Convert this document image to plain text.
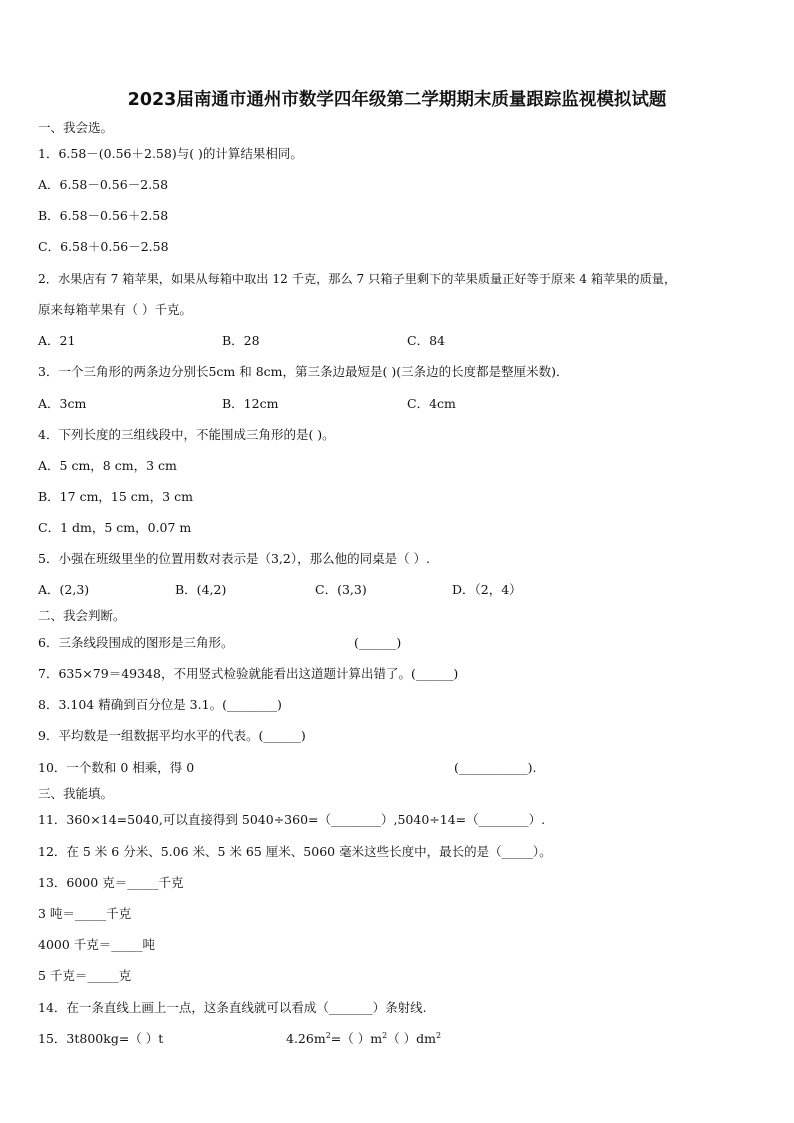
2023届南通市通州市数学四年级第二学期期末质量跟踪监视模拟试题
一、我会选。
1．6.58－(0.56＋2.58)与( )的计算结果相同。
A．6.58－0.56－2.58
B．6.58－0.56＋2.58
C．6.58＋0.56－2.58
2．水果店有 7 箱苹果，如果从每箱中取出 12 千克，那么 7 只箱子里剩下的苹果质量正好等于原来 4 箱苹果的质量，
原来每箱苹果有（ ）千克。
A．21	B．28	C．84
3．一个三角形的两条边分别长5cm 和 8cm，第三条边最短是( )(三条边的长度都是整厘米数)．
A．3cm	B．12cm	C．4cm
4．下列长度的三组线段中，不能围成三角形的是( )。
A．5 cm，8 cm，3 cm
B．17 cm，15 cm，3 cm
C．1 dm，5 cm，0.07 m
5．小强在班级里坐的位置用数对表示是（3,2），那么他的同桌是（ ）.
A．(2,3)	B．(4,2)	C．(3,3)	D．（2，4）
二、我会判断。
6．三条线段围成的图形是三角形。	(______)
7．635×79＝49348，不用竖式检验就能看出这道题计算出错了。(______)
8．3.104 精确到百分位是 3.1。(________)
9．平均数是一组数据平均水平的代表。(______)
10．一个数和 0 相乘，得 0	(___________).
三、我能填。
11．360×14=5040,可以直接得到 5040÷360=（________）,5040÷14=（________）.
12．在 5 米 6 分米、5.06 米、5 米 65 厘米、5060 毫米这些长度中，最长的是（_____）。
13．6000 克＝_____千克
3 吨＝_____千克
4000 千克＝_____吨
5 千克＝_____克
14．在一条直线上画上一点，这条直线就可以看成（_______）条射线.
15．3t800kg=（ ）t	$4.26m^2=$（ ）$m^2$（ ）$dm^2$
